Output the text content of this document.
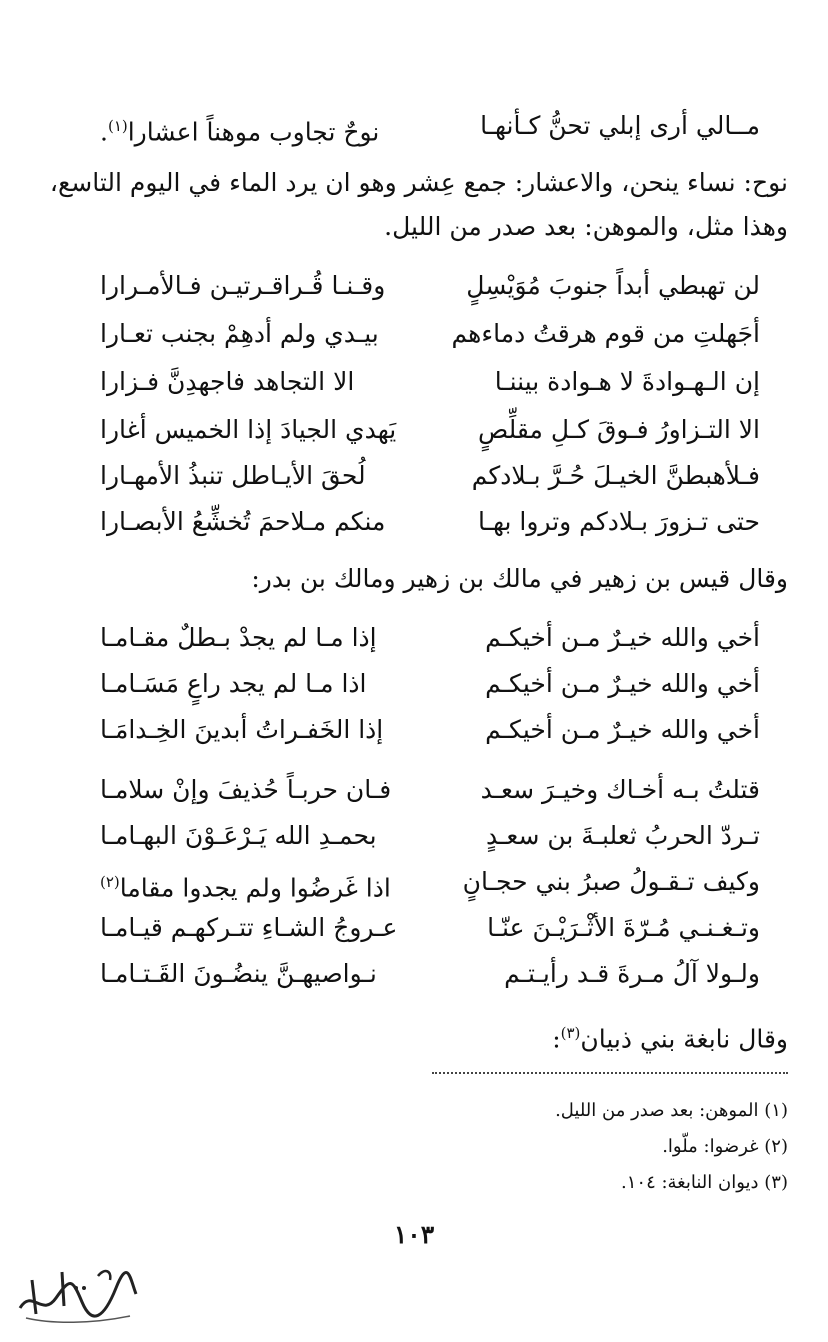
مــالي أرى إبلي تحنُّ كـأنهـا
نوحٌ تجاوب موهناً اعشارا$^{(١)}$.
نوح: نساء ينحن، والاعشار: جمع عِشر وهو ان يرد الماء في اليوم التاسع،
وهذا مثل، والموهن: بعد صدر من الليل.
لن تهبطي أبداً جنوبَ مُوَيْسِلٍ
وقـنـا قُـراقـرتيـن فـالأمـرارا
أجَهلتِ من قوم هرقتُ دماءهم
بيـدي ولم أدهِمْ بجنب تعـارا
إن الـهـوادةَ لا هـوادة بيننـا
الا التجاهد فاجهدِنَّ فـزارا
الا التـزاورُ فـوقَ كـلِ مقلِّصٍ
يَهدي الجيادَ إذا الخميس أغارا
فـلأهبطنَّ الخيـلَ حُـرَّ بـلادكم
لُحقَ الأيـاطل تنبذُ الأمهـارا
حتى تـزورَ بـلادكم وتروا بهـا
منكم مـلاحمَ تُخشِّعُ الأبصـارا
وقال قيس بن زهير في مالك بن زهير ومالك بن بدر:
أخي والله خيـرٌ مـن أخيكـم
إذا مـا لم يجدْ بـطلٌ مقـامـا
أخي والله خيـرٌ مـن أخيكـم
اذا مـا لم يجد راعٍ مَسَـامـا
أخي والله خيـرٌ مـن أخيكـم
إذا الخَفـراتُ أبدينَ الخِـدامَـا
قتلتُ بـه أخـاك وخيـرَ سعـد
فـان حربـاً حُذيفَ وإنْ سلامـا
تـردّ الحربُ ثعلبـةَ بن سعـدٍ
بحمـدِ الله يَـرْعَـوْنَ البهـامـا
وكيف تـقـولُ صبرُ بني حجـانٍ
اذا غَرضُوا ولم يجدوا مقاما$^{(٢)}$
وتـغـنـي مُـرّةَ الأثْـرَيْـنَ عنّـا
عـروجُ الشـاءِ تتـركهـم قيـامـا
ولـولا آلُ مـرةَ قـد رأيـتـم
نـواصيهـنَّ ينضُـونَ القَـتـامـا
وقال نابغة بني ذبيان$^{(٣)}$:
(١) الموهن: بعد صدر من الليل.
(٢) غرضوا: ملّوا.
(٣) ديوان النابغة: ١٠٤.
١٠٣
